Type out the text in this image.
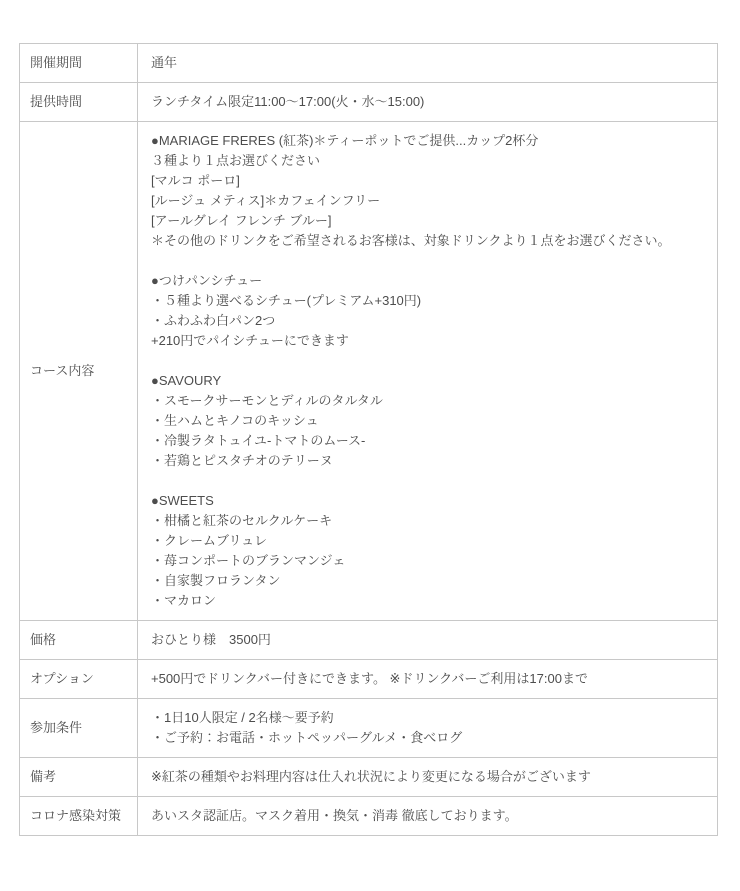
開催期間	通年

提供時間	ランチタイム限定11:00〜17:00(火・水〜15:00)

コース内容	
●MARIAGE FRERES (紅茶)＊ティーポットでご提供...カップ2杯分
３種より１点お選びください
[マルコ ポーロ]
[ルージュ メティス]＊カフェインフリー
[アールグレイ フレンチ ブルー]
＊その他のドリンクをご希望されるお客様は、対象ドリンクより１点をお選びください。
●つけパンシチュー
・５種より選べるシチュー(プレミアム+310円)
・ふわふわ白パン2つ
+210円でパイシチューにできます
●SAVOURY
・スモークサーモンとディルのタルタル
・生ハムとキノコのキッシュ
・冷製ラタトュイユ-トマトのムース-
・若鶏とピスタチオのテリーヌ
●SWEETS
・柑橘と紅茶のセルクルケーキ
・クレームブリュレ
・苺コンポートのブランマンジェ
・自家製フロランタン
・マカロン

価格	おひとり様　3500円

オプション	+500円でドリンクバー付きにできます。 ※ドリンクバーご利用は17:00まで

参加条件	・1日10人限定 / 2名様〜要予約
・ご予約：お電話・ホットペッパーグルメ・食べログ

備考	※紅茶の種類やお料理内容は仕入れ状況により変更になる場合がございます

コロナ感染対策	あいスタ認証店。マスク着用・換気・消毒 徹底しております。
